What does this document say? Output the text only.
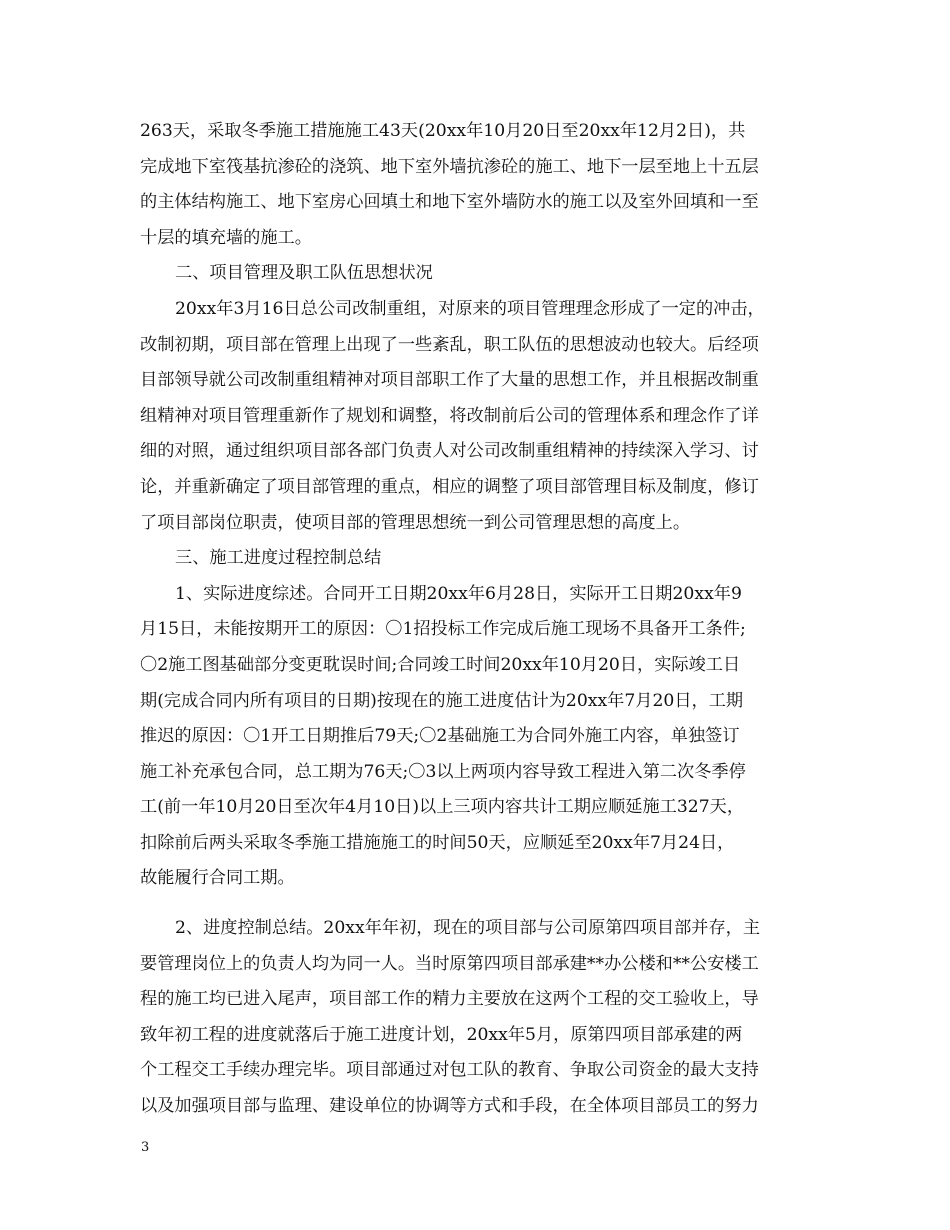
263天，采取冬季施工措施施工43天(20xx年10月20日至20xx年12月2日)，共
完成地下室筏基抗渗砼的浇筑、地下室外墙抗渗砼的施工、地下一层至地上十五层
的主体结构施工、地下室房心回填土和地下室外墙防水的施工以及室外回填和一至
十层的填充墙的施工。
二、项目管理及职工队伍思想状况
20xx年3月16日总公司改制重组，对原来的项目管理理念形成了一定的冲击，
改制初期，项目部在管理上出现了一些紊乱，职工队伍的思想波动也较大。后经项
目部领导就公司改制重组精神对项目部职工作了大量的思想工作，并且根据改制重
组精神对项目管理重新作了规划和调整，将改制前后公司的管理体系和理念作了详
细的对照，通过组织项目部各部门负责人对公司改制重组精神的持续深入学习、讨
论，并重新确定了项目部管理的重点，相应的调整了项目部管理目标及制度，修订
了项目部岗位职责，使项目部的管理思想统一到公司管理思想的高度上。
三、施工进度过程控制总结
1、实际进度综述。合同开工日期20xx年6月28日，实际开工日期20xx年9
月15日，未能按期开工的原因：〇1招投标工作完成后施工现场不具备开工条件;
〇2施工图基础部分变更耽误时间;合同竣工时间20xx年10月20日，实际竣工日
期(完成合同内所有项目的日期)按现在的施工进度估计为20xx年7月20日，工期
推迟的原因：〇1开工日期推后79天;〇2基础施工为合同外施工内容，单独签订
施工补充承包合同，总工期为76天;〇3以上两项内容导致工程进入第二次冬季停
工(前一年10月20日至次年4月10日)以上三项内容共计工期应顺延施工327天，
扣除前后两头采取冬季施工措施施工的时间50天，应顺延至20xx年7月24日，
故能履行合同工期。
2、进度控制总结。20xx年年初，现在的项目部与公司原第四项目部并存，主
要管理岗位上的负责人均为同一人。当时原第四项目部承建**办公楼和**公安楼工
程的施工均已进入尾声，项目部工作的精力主要放在这两个工程的交工验收上，导
致年初工程的进度就落后于施工进度计划，20xx年5月，原第四项目部承建的两
个工程交工手续办理完毕。项目部通过对包工队的教育、争取公司资金的最大支持
以及加强项目部与监理、建设单位的协调等方式和手段，在全体项目部员工的努力
3
